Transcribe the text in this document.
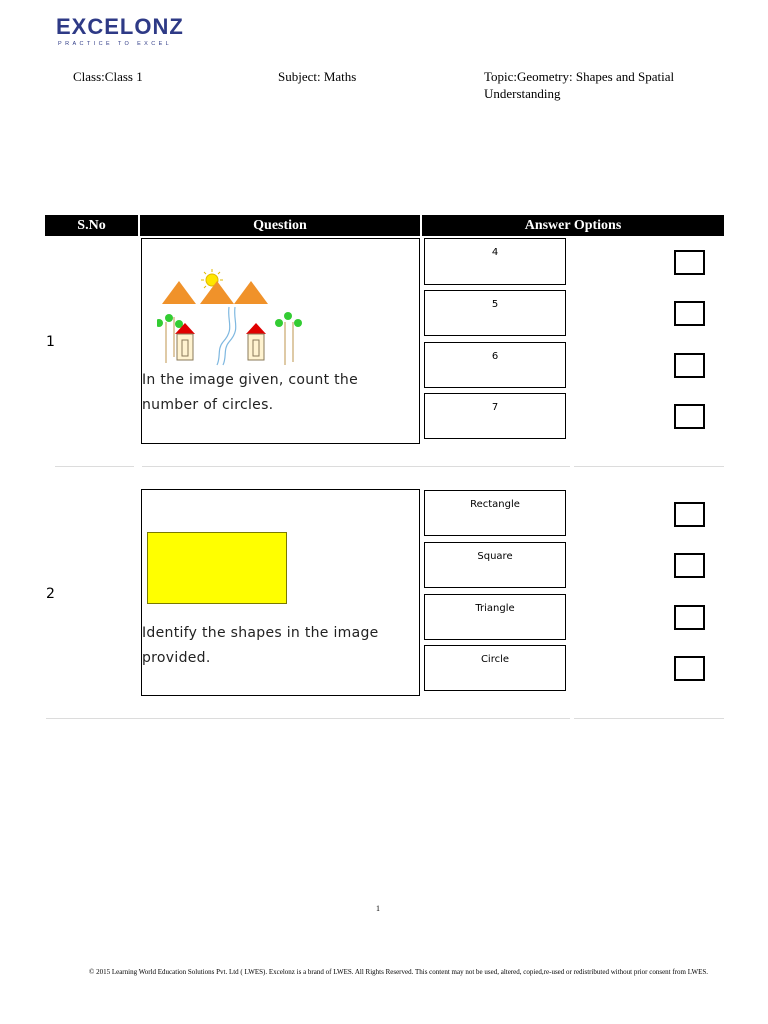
EXCELONZ
PRACTICE TO EXCEL
Class:Class 1	Subject: Maths	Topic:Geometry: Shapes and Spatial
Understanding
S.No	Question	Answer Options
1
In the image given, count the number of circles.
4
5
6
7
2
Identify the shapes in the image provided.
Rectangle
Square
Triangle
Circle
1
© 2015 Learning World Education Solutions Pvt. Ltd ( LWES). Excelonz is a brand of LWES. All Rights Reserved. This content may not be used, altered, copied,re-used or redistributed without prior consent from LWES.
